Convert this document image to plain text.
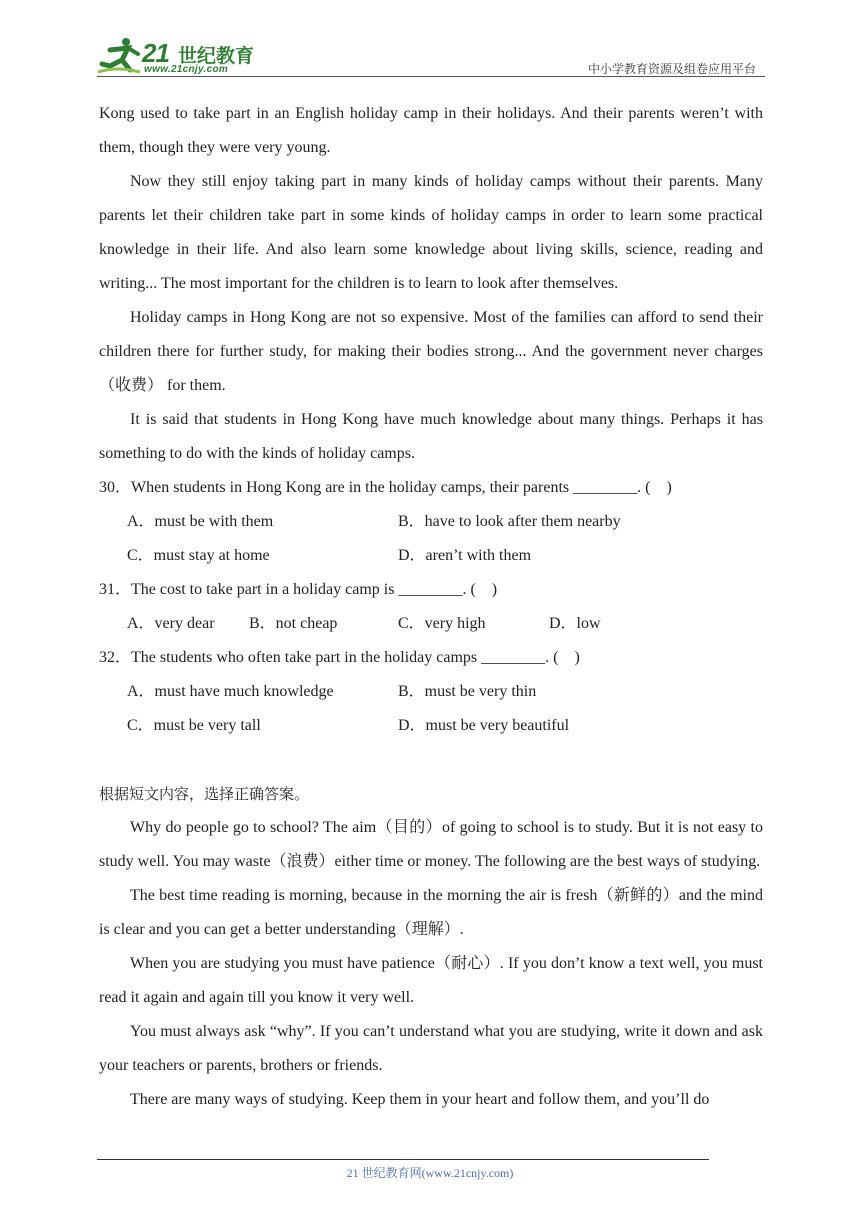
21 世纪教育
www.21cnjy.com	中小学教育资源及组卷应用平台

Kong used to take part in an English holiday camp in their holidays. And their parents weren’t with them, though they were very young.

Now they still enjoy taking part in many kinds of holiday camps without their parents. Many parents let their children take part in some kinds of holiday camps in order to learn some practical knowledge in their life. And also learn some knowledge about living skills, science, reading and writing... The most important for the children is to learn to look after themselves.

Holiday camps in Hong Kong are not so expensive. Most of the families can afford to send their children there for further study, for making their bodies strong... And the government never charges （收费） for them.

It is said that students in Hong Kong have much knowledge about many things. Perhaps it has something to do with the kinds of holiday camps.

30．When students in Hong Kong are in the holiday camps, their parents ________. (　)

A．must be with them	B．have to look after them nearby
C．must stay at home	D．aren’t with them

31．The cost to take part in a holiday camp is ________. (　)

A．very dear B．not cheap	C．very high	D．low

32．The students who often take part in the holiday camps ________. (　)

A．must have much knowledge	B．must be very thin
C．must be very tall	D．must be very beautiful

根据短文内容，选择正确答案。

Why do people go to school? The aim（目的）of going to school is to study. But it is not easy to study well. You may waste（浪费）either time or money. The following are the best ways of studying.

The best time reading is morning, because in the morning the air is fresh（新鲜的）and the mind is clear and you can get a better understanding（理解）.

When you are studying you must have patience（耐心）. If you don’t know a text well, you must read it again and again till you know it very well.

You must always ask “why”. If you can’t understand what you are studying, write it down and ask your teachers or parents, brothers or friends.

There are many ways of studying. Keep them in your heart and follow them, and you’ll do

21 世纪教育网(www.21cnjy.com)
